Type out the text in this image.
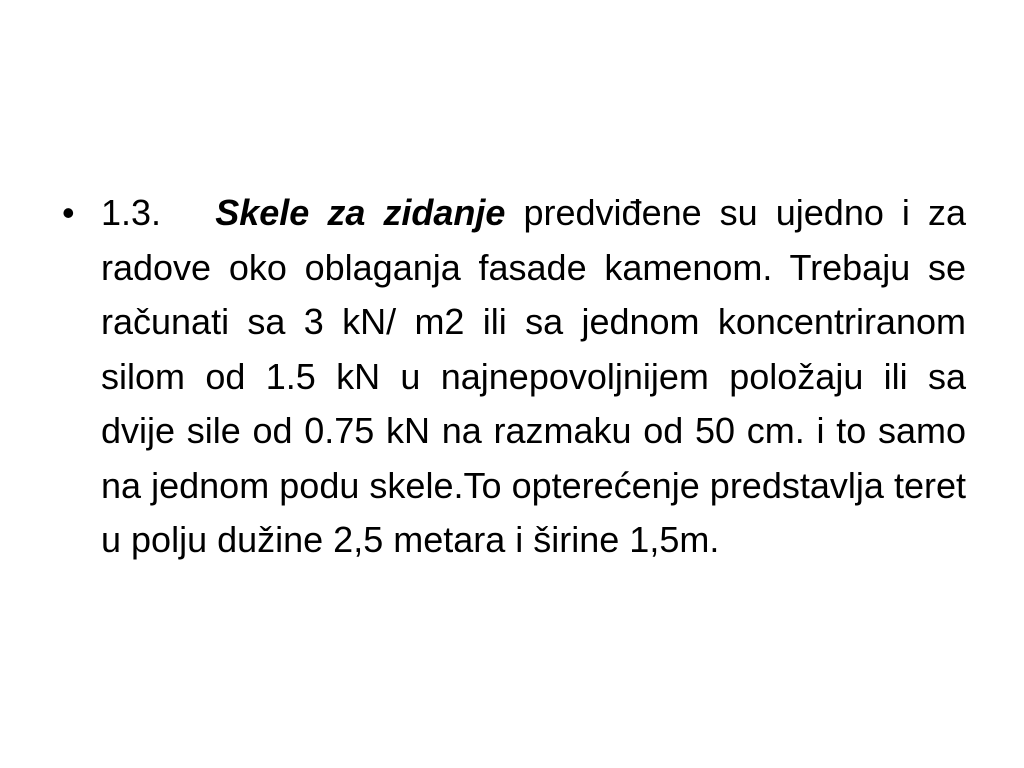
• 1.3. Skele za zidanje predviđene su ujedno i za radove oko oblaganja fasade kamenom. Trebaju se računati sa 3 kN/ m2 ili sa jednom koncentriranom silom od 1.5 kN u najnepovoljnijem položaju ili sa dvije sile od 0.75 kN na razmaku od 50 cm. i to samo na jednom podu skele.To opterećenje predstavlja teret u polju dužine 2,5 metara i širine 1,5m.
